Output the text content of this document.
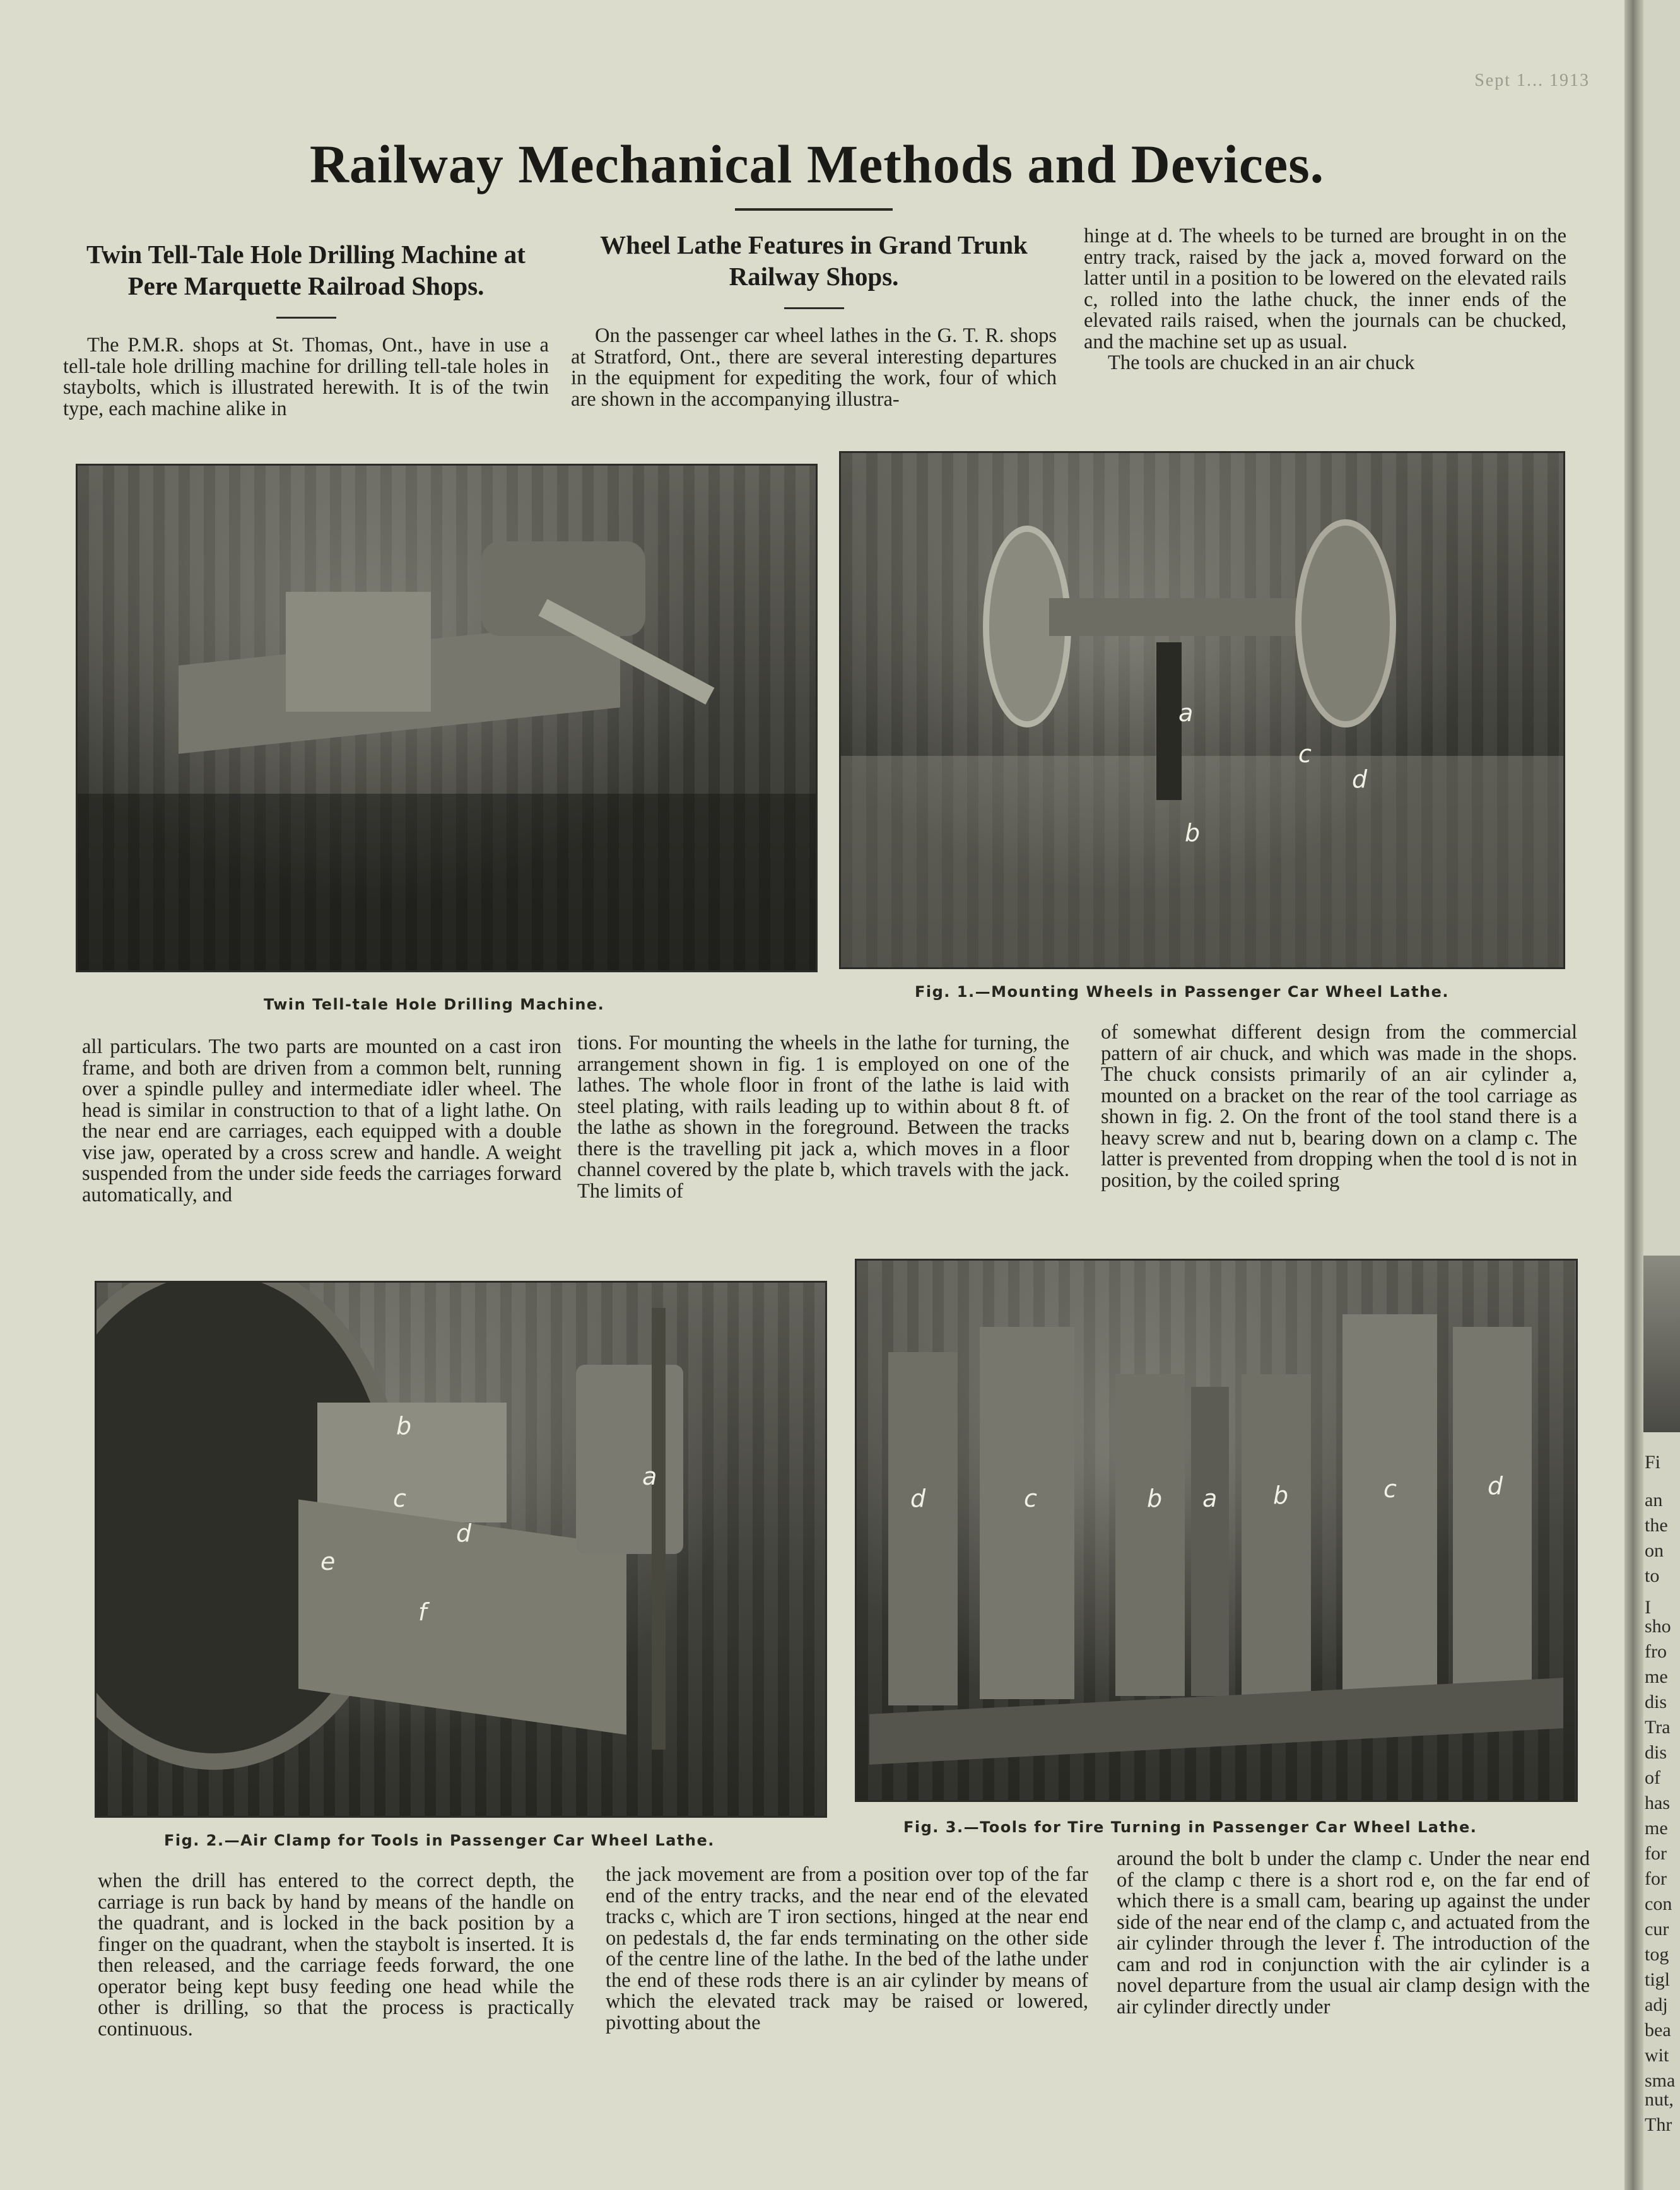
Sept 1... 1913
Railway Mechanical Methods and Devices.
Twin Tell-Tale Hole Drilling Machine at Pere Marquette Railroad Shops.

The P.M.R. shops at St. Thomas, Ont., have in use a tell-tale hole drilling machine for drilling tell-tale holes in staybolts, which is illustrated herewith. It is of the twin type, each machine alike in

Wheel Lathe Features in Grand Trunk Railway Shops.

On the passenger car wheel lathes in the G. T. R. shops at Stratford, Ont., there are several interesting departures in the equipment for expediting the work, four of which are shown in the accompanying illustra-

hinge at d. The wheels to be turned are brought in on the entry track, raised by the jack a, moved forward on the latter until in a position to be lowered on the elevated rails c, rolled into the lathe chuck, the inner ends of the elevated rails raised, when the journals can be chucked, and the machine set up as usual.

The tools are chucked in an air chuck

Twin Tell-tale Hole Drilling Machine.
a
c
d
b
Fig. 1.—Mounting Wheels in Passenger Car Wheel Lathe.

all particulars. The two parts are mounted on a cast iron frame, and both are driven from a common belt, running over a spindle pulley and intermediate idler wheel. The head is similar in construction to that of a light lathe. On the near end are carriages, each equipped with a double vise jaw, operated by a cross screw and handle. A weight suspended from the under side feeds the carriages forward automatically, and

tions. For mounting the wheels in the lathe for turning, the arrangement shown in fig. 1 is employed on one of the lathes. The whole floor in front of the lathe is laid with steel plating, with rails leading up to within about 8 ft. of the lathe as shown in the foreground. Between the tracks there is the travelling pit jack a, which moves in a floor channel covered by the plate b, which travels with the jack. The limits of

of somewhat different design from the commercial pattern of air chuck, and which was made in the shops. The chuck consists primarily of an air cylinder a, mounted on a bracket on the rear of the tool carriage as shown in fig. 2. On the front of the tool stand there is a heavy screw and nut b, bearing down on a clamp c. The latter is prevented from dropping when the tool d is not in position, by the coiled spring

b
c
d
e
f
a
Fig. 2.—Air Clamp for Tools in Passenger Car Wheel Lathe.
d	c	b a b	c	d
Fig. 3.—Tools for Tire Turning in Passenger Car Wheel Lathe.

when the drill has entered to the correct depth, the carriage is run back by hand by means of the handle on the quadrant, and is locked in the back position by a finger on the quadrant, when the staybolt is inserted. It is then released, and the carriage feeds forward, the one operator being kept busy feeding one head while the other is drilling, so that the process is practically continuous.

the jack movement are from a position over top of the far end of the entry tracks, and the near end of the elevated tracks c, which are T iron sections, hinged at the near end on pedestals d, the far ends terminating on the other side of the centre line of the lathe. In the bed of the lathe under the end of these rods there is an air cylinder by means of which the elevated track may be raised or lowered, pivotting about the

around the bolt b under the clamp c. Under the near end of the clamp c there is a short rod e, on the far end of which there is a small cam, bearing up against the under side of the near end of the clamp c, and actuated from the air cylinder through the lever f. The introduction of the cam and rod in conjunction with the air cylinder is a novel departure from the usual air clamp design with the air cylinder directly under

Fi
an
the
on
to
I
sho
fro
me
dis
Tra
dis
of
has
me
for
for
con
cur
tog
tigl
adj
bea
wit
sma
nut,
Thr
